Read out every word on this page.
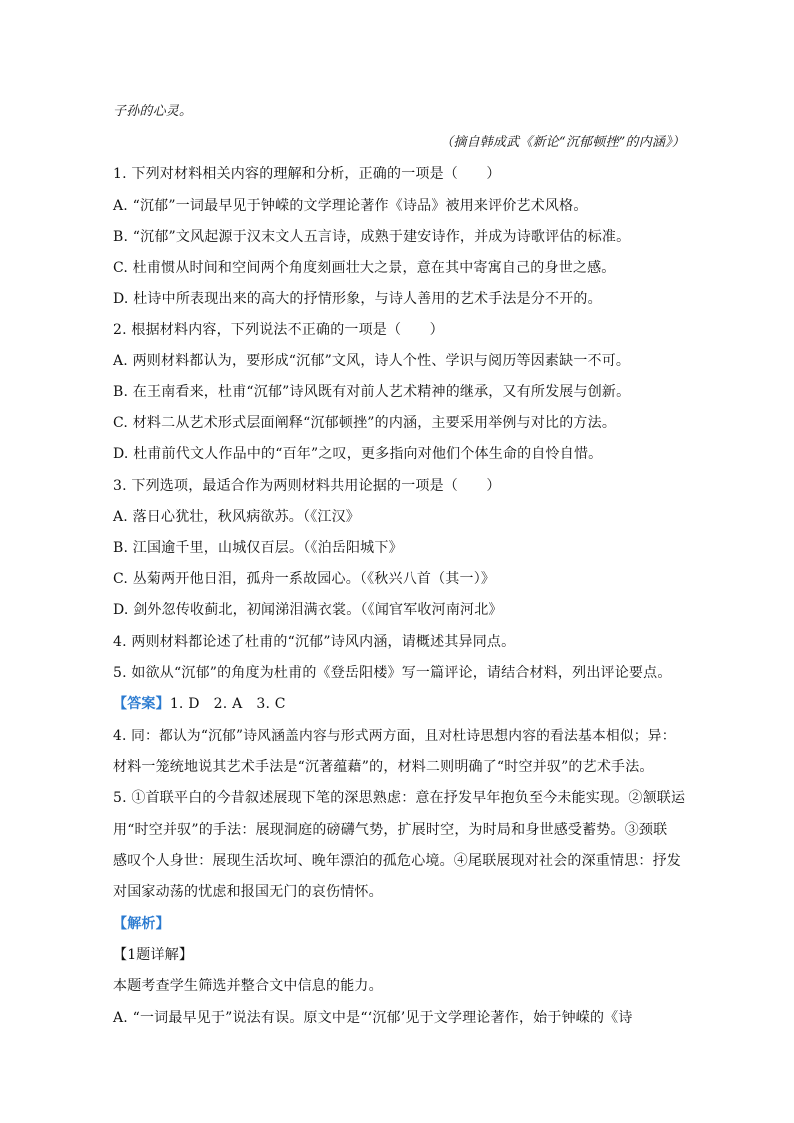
子孙的心灵。
（摘自韩成武《新论“沉郁顿挫”的内涵》）
1. 下列对材料相关内容的理解和分析，正确的一项是（　　）
A. “沉郁”一词最早见于钟嵘的文学理论著作《诗品》被用来评价艺术风格。
B. “沉郁”文风起源于汉末文人五言诗，成熟于建安诗作，并成为诗歌评估的标准。
C. 杜甫惯从时间和空间两个角度刻画壮大之景，意在其中寄寓自己的身世之感。
D. 杜诗中所表现出来的高大的抒情形象，与诗人善用的艺术手法是分不开的。
2. 根据材料内容，下列说法不正确的一项是（　　）
A. 两则材料都认为，要形成“沉郁”文风，诗人个性、学识与阅历等因素缺一不可。
B. 在王南看来，杜甫“沉郁”诗风既有对前人艺术精神的继承，又有所发展与创新。
C. 材料二从艺术形式层面阐释“沉郁顿挫”的内涵，主要采用举例与对比的方法。
D. 杜甫前代文人作品中的“百年”之叹，更多指向对他们个体生命的自怜自惜。
3. 下列选项，最适合作为两则材料共用论据的一项是（　　）
A. 落日心犹壮，秋风病欲苏。（《江汉》
B. 江国逾千里，山城仅百层。（《泊岳阳城下》
C. 丛菊两开他日泪，孤舟一系故园心。（《秋兴八首（其一）》
D. 剑外忽传收蓟北，初闻涕泪满衣裳。（《闻官军收河南河北》
4. 两则材料都论述了杜甫的“沉郁”诗风内涵，请概述其异同点。
5. 如欲从“沉郁”的角度为杜甫的《登岳阳楼》写一篇评论，请结合材料，列出评论要点。
【答案】1. D 2. A 3. C
4. 同：都认为“沉郁”诗风涵盖内容与形式两方面，且对杜诗思想内容的看法基本相似；异：
材料一笼统地说其艺术手法是“沉著蕴藉”的，材料二则明确了“时空并驭”的艺术手法。
5. ①首联平白的今昔叙述展现下笔的深思熟虑：意在抒发早年抱负至今未能实现。②颔联运
用“时空并驭”的手法：展现洞庭的磅礴气势，扩展时空，为时局和身世感受蓄势。③颈联
感叹个人身世：展现生活坎坷、晚年漂泊的孤危心境。④尾联展现对社会的深重情思：抒发
对国家动荡的忧虑和报国无门的哀伤情怀。
【解析】
【1题详解】
本题考查学生筛选并整合文中信息的能力。
A. “一词最早见于”说法有误。原文中是“‘沉郁’见于文学理论著作，始于钟嵘的《诗
